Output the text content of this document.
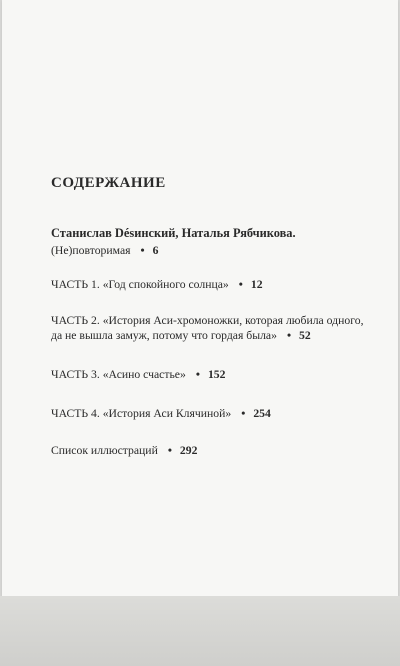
СОДЕРЖАНИЕ
Станислав Désинский, Наталья Рябчикова.
(Не)повторимая • 6
ЧАСТЬ 1. «Год спокойного солнца» • 12
ЧАСТЬ 2. «История Аси-хромоножки, которая любила одного,
да не вышла замуж, потому что гордая была» • 52
ЧАСТЬ 3. «Асино счастье» • 152
ЧАСТЬ 4. «История Аси Клячиной» • 254
Список иллюстраций • 292
